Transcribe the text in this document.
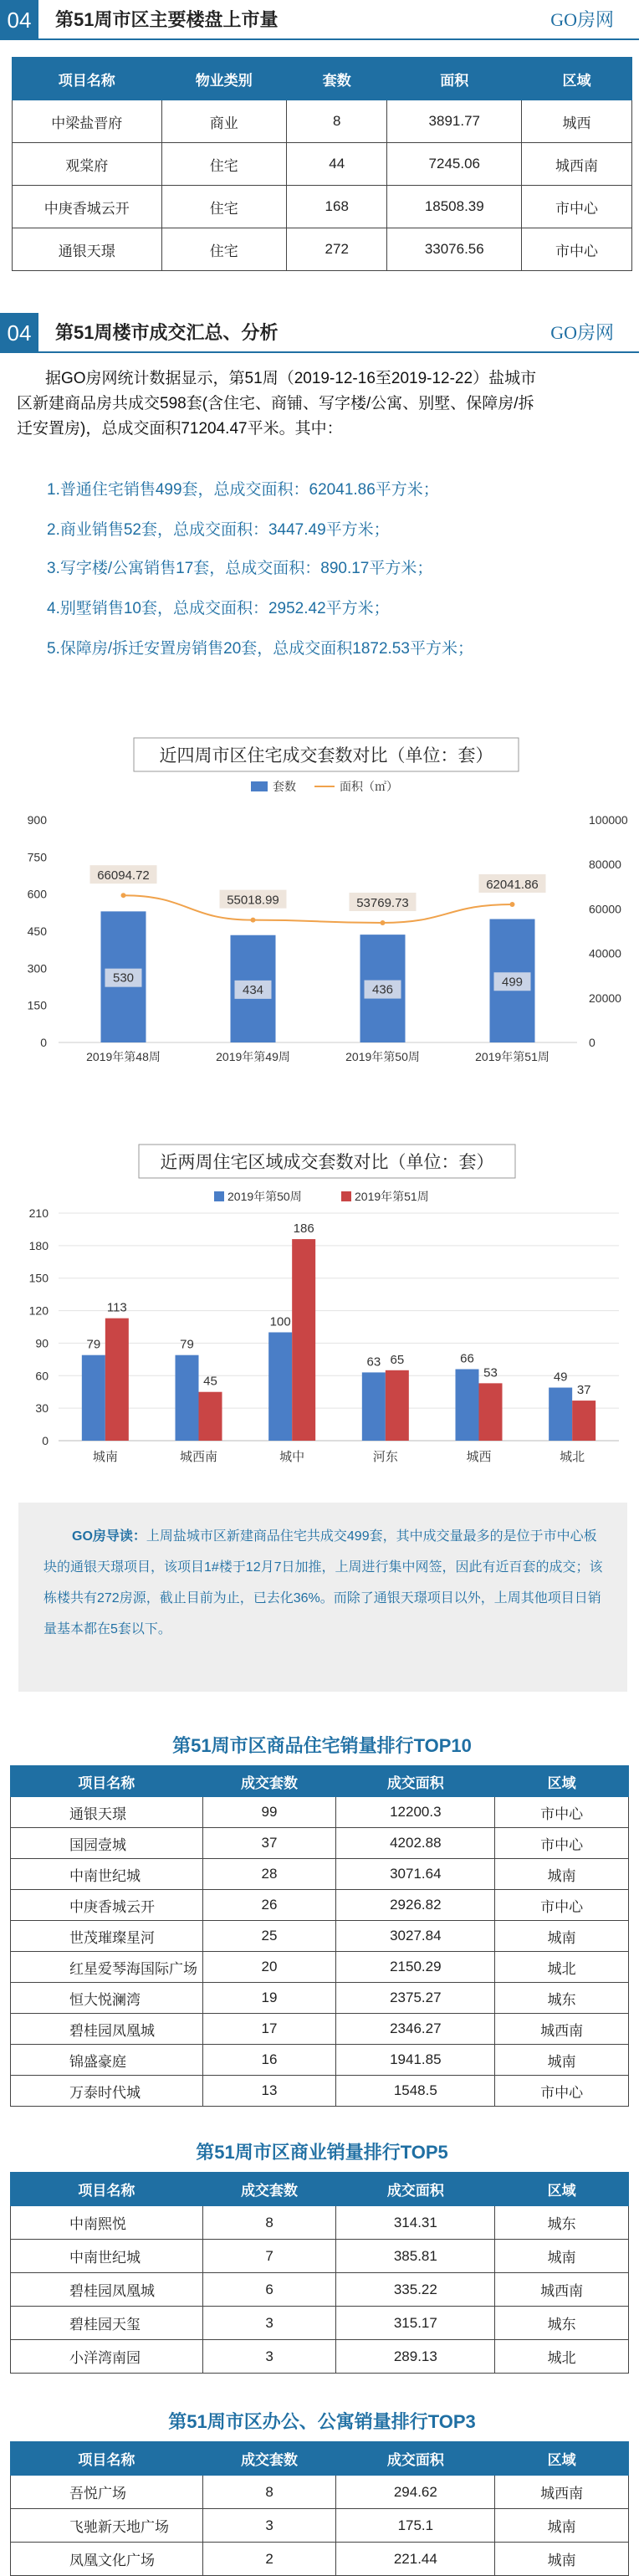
04	第51周市区主要楼盘上市量	GO房网
项目名称	物业类别	套数	面积	区域
中梁盐晋府	商业	8	3891.77	城西
观棠府	住宅	44	7245.06	城西南
中庚香城云开	住宅	168	18508.39	市中心
通银天璟	住宅	272	33076.56	市中心
04	第51周楼市成交汇总、分析	GO房网
据GO房网统计数据显示，第51周（2019-12-16至2019-12-22）盐城市
区新建商品房共成交598套(含住宅、商铺、写字楼/公寓、别墅、保障房/拆
迁安置房)，总成交面积71204.47平米。其中：
1.普通住宅销售499套，总成交面积：62041.86平方米；
2.商业销售52套，总成交面积：3447.49平方米；
3.写字楼/公寓销售17套，总成交面积：890.17平方米；
4.别墅销售10套，总成交面积：2952.42平方米；
5.保障房/拆迁安置房销售20套，总成交面积1872.53平方米；
近四周市区住宅成交套数对比（单位：套）
套数	面积（㎡）
0
150
300
450
600
750
900
0
20000
40000
60000
80000
100000
530
2019年第48周
434
2019年第49周
436
2019年第50周
499
2019年第51周
66094.72
55018.99	53769.73
62041.86
近两周住宅区域成交套数对比（单位：套）
2019年第50周	2019年第51周
0
30
60
90
120
150
180
210
79
113
城南
79
45
城西南
100
186
城中
63 65
河东
66
53
城西
49
37
城北
GO房导读：上周盐城市区新建商品住宅共成交499套，其中成交量最多的是位于市中心板块的通银天璟项目，该项目1#楼于12月7日加推，上周进行集中网签，因此有近百套的成交；该栋楼共有272房源，截止目前为止，已去化36%。而除了通银天璟项目以外，上周其他项目日销量基本都在5套以下。
第51周市区商品住宅销量排行TOP10
项目名称	成交套数	成交面积	区域
通银天璟	99	12200.3	市中心
国园壹城	37	4202.88	市中心
中南世纪城	28	3071.64	城南
中庚香城云开	26	2926.82	市中心
世茂璀璨星河	25	3027.84	城南
红星爱琴海国际广场	20	2150.29	城北
恒大悦澜湾	19	2375.27	城东
碧桂园凤凰城	17	2346.27	城西南
锦盛豪庭	16	1941.85	城南
万泰时代城	13	1548.5	市中心
第51周市区商业销量排行TOP5
项目名称	成交套数	成交面积	区域
中南熙悦	8	314.31	城东
中南世纪城	7	385.81	城南
碧桂园凤凰城	6	335.22	城西南
碧桂园天玺	3	315.17	城东
小洋湾南园	3	289.13	城北
第51周市区办公、公寓销量排行TOP3
项目名称	成交套数	成交面积	区域
吾悦广场	8	294.62	城西南
飞驰新天地广场	3	175.1	城南
凤凰文化广场	2	221.44	城南
